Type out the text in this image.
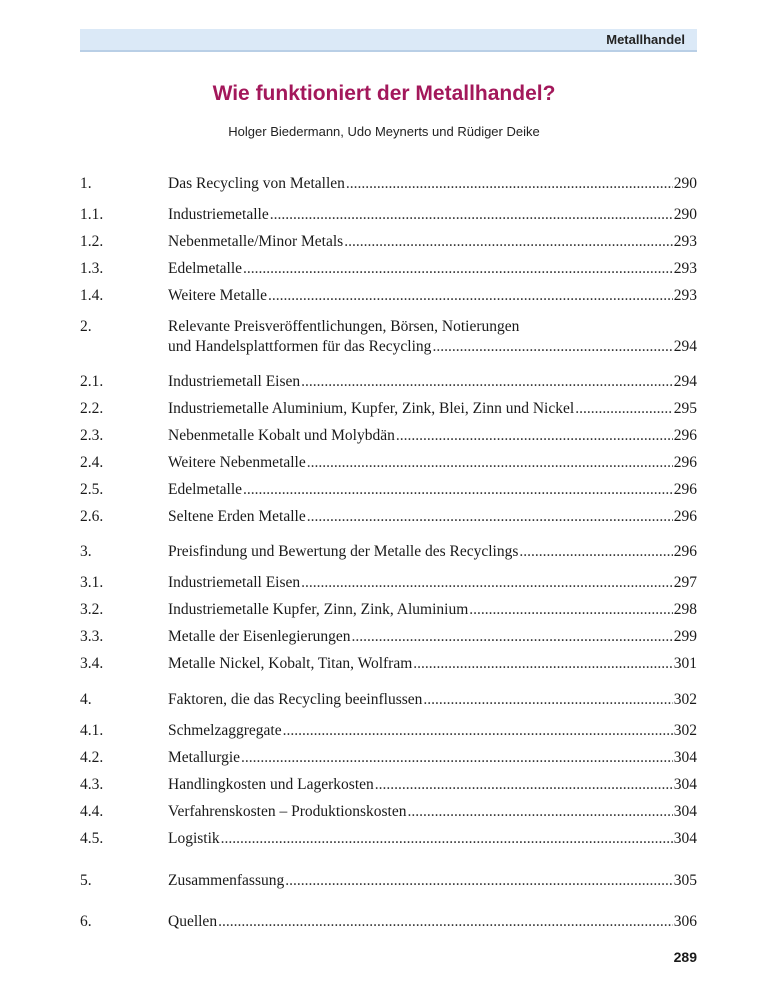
Metallhandel
Wie funktioniert der Metallhandel?
Holger Biedermann, Udo Meynerts und Rüdiger Deike
1.	Das Recycling von Metallen .....	290
1.1.	Industriemetalle .....	290
1.2.	Nebenmetalle/Minor Metals .....	293
1.3.	Edelmetalle .....	293
1.4.	Weitere Metalle .....	293
2.	Relevante Preisveröffentlichungen, Börsen, Notierungen
und Handelsplattformen für das Recycling .....	294
2.1.	Industriemetall Eisen .....	294
2.2.	Industriemetalle Aluminium, Kupfer, Zink, Blei, Zinn und Nickel .....	295
2.3.	Nebenmetalle Kobalt und Molybdän .....	296
2.4.	Weitere Nebenmetalle .....	296
2.5.	Edelmetalle .....	296
2.6.	Seltene Erden Metalle .....	296
3.	Preisfindung und Bewertung der Metalle des Recyclings .....	296
3.1.	Industriemetall Eisen .....	297
3.2.	Industriemetalle Kupfer, Zinn, Zink, Aluminium .....	298
3.3.	Metalle der Eisenlegierungen .....	299
3.4.	Metalle Nickel, Kobalt, Titan, Wolfram .....	301
4.	Faktoren, die das Recycling beeinflussen .....	302
4.1.	Schmelzaggregate .....	302
4.2.	Metallurgie .....	304
4.3.	Handlingkosten und Lagerkosten .....	304
4.4.	Verfahrenskosten – Produktionskosten .....	304
4.5.	Logistik .....	304
5.	Zusammenfassung .....	305
6.	Quellen .....	306
289
